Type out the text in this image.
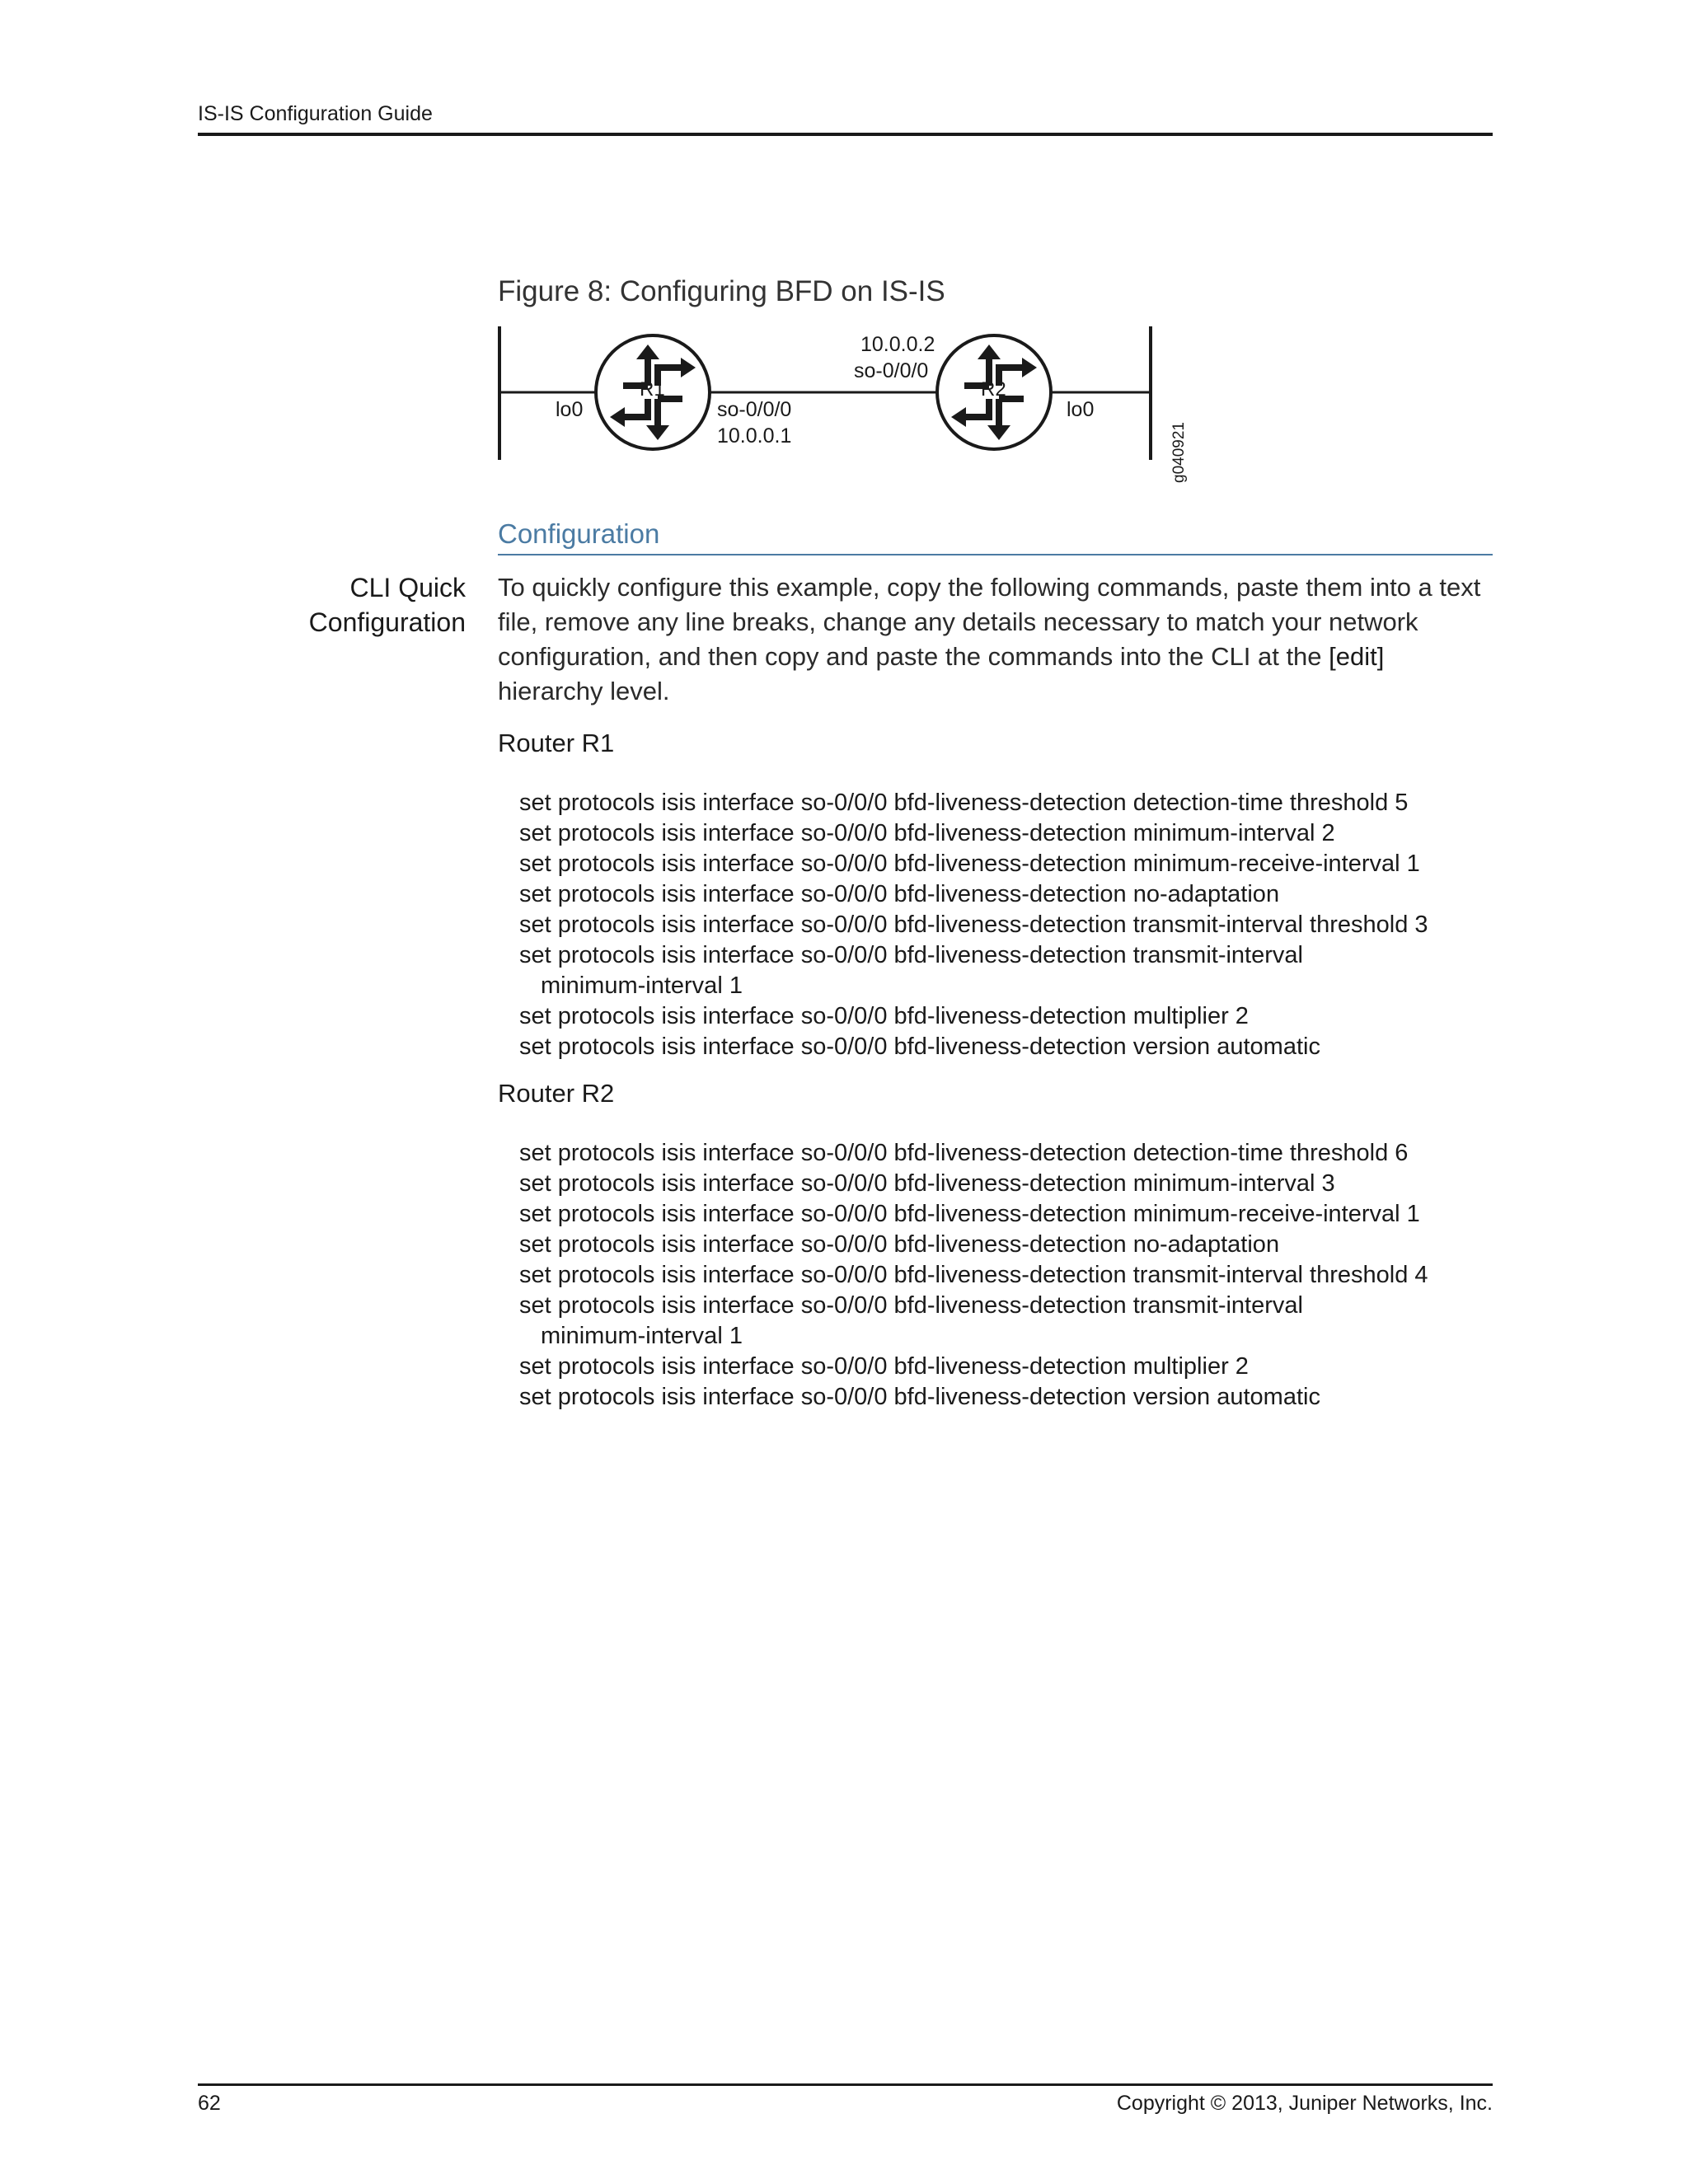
IS-IS Configuration Guide
Figure 8: Configuring BFD on IS-IS
R1	R2
lo0	so-0/0/0
10.0.0.1
10.0.0.2
so-0/0/0
lo0
g040921
Configuration
CLI Quick
Configuration
To quickly configure this example, copy the following commands, paste them into a text file, remove any line breaks, change any details necessary to match your network configuration, and then copy and paste the commands into the CLI at the [edit] hierarchy level.
Router R1
set protocols isis interface so-0/0/0 bfd-liveness-detection detection-time threshold 5
set protocols isis interface so-0/0/0 bfd-liveness-detection minimum-interval 2
set protocols isis interface so-0/0/0 bfd-liveness-detection minimum-receive-interval 1
set protocols isis interface so-0/0/0 bfd-liveness-detection no-adaptation
set protocols isis interface so-0/0/0 bfd-liveness-detection transmit-interval threshold 3
set protocols isis interface so-0/0/0 bfd-liveness-detection transmit-interval
minimum-interval 1
set protocols isis interface so-0/0/0 bfd-liveness-detection multiplier 2
set protocols isis interface so-0/0/0 bfd-liveness-detection version automatic
Router R2
set protocols isis interface so-0/0/0 bfd-liveness-detection detection-time threshold 6
set protocols isis interface so-0/0/0 bfd-liveness-detection minimum-interval 3
set protocols isis interface so-0/0/0 bfd-liveness-detection minimum-receive-interval 1
set protocols isis interface so-0/0/0 bfd-liveness-detection no-adaptation
set protocols isis interface so-0/0/0 bfd-liveness-detection transmit-interval threshold 4
set protocols isis interface so-0/0/0 bfd-liveness-detection transmit-interval
minimum-interval 1
set protocols isis interface so-0/0/0 bfd-liveness-detection multiplier 2
set protocols isis interface so-0/0/0 bfd-liveness-detection version automatic
62	Copyright © 2013, Juniper Networks, Inc.
